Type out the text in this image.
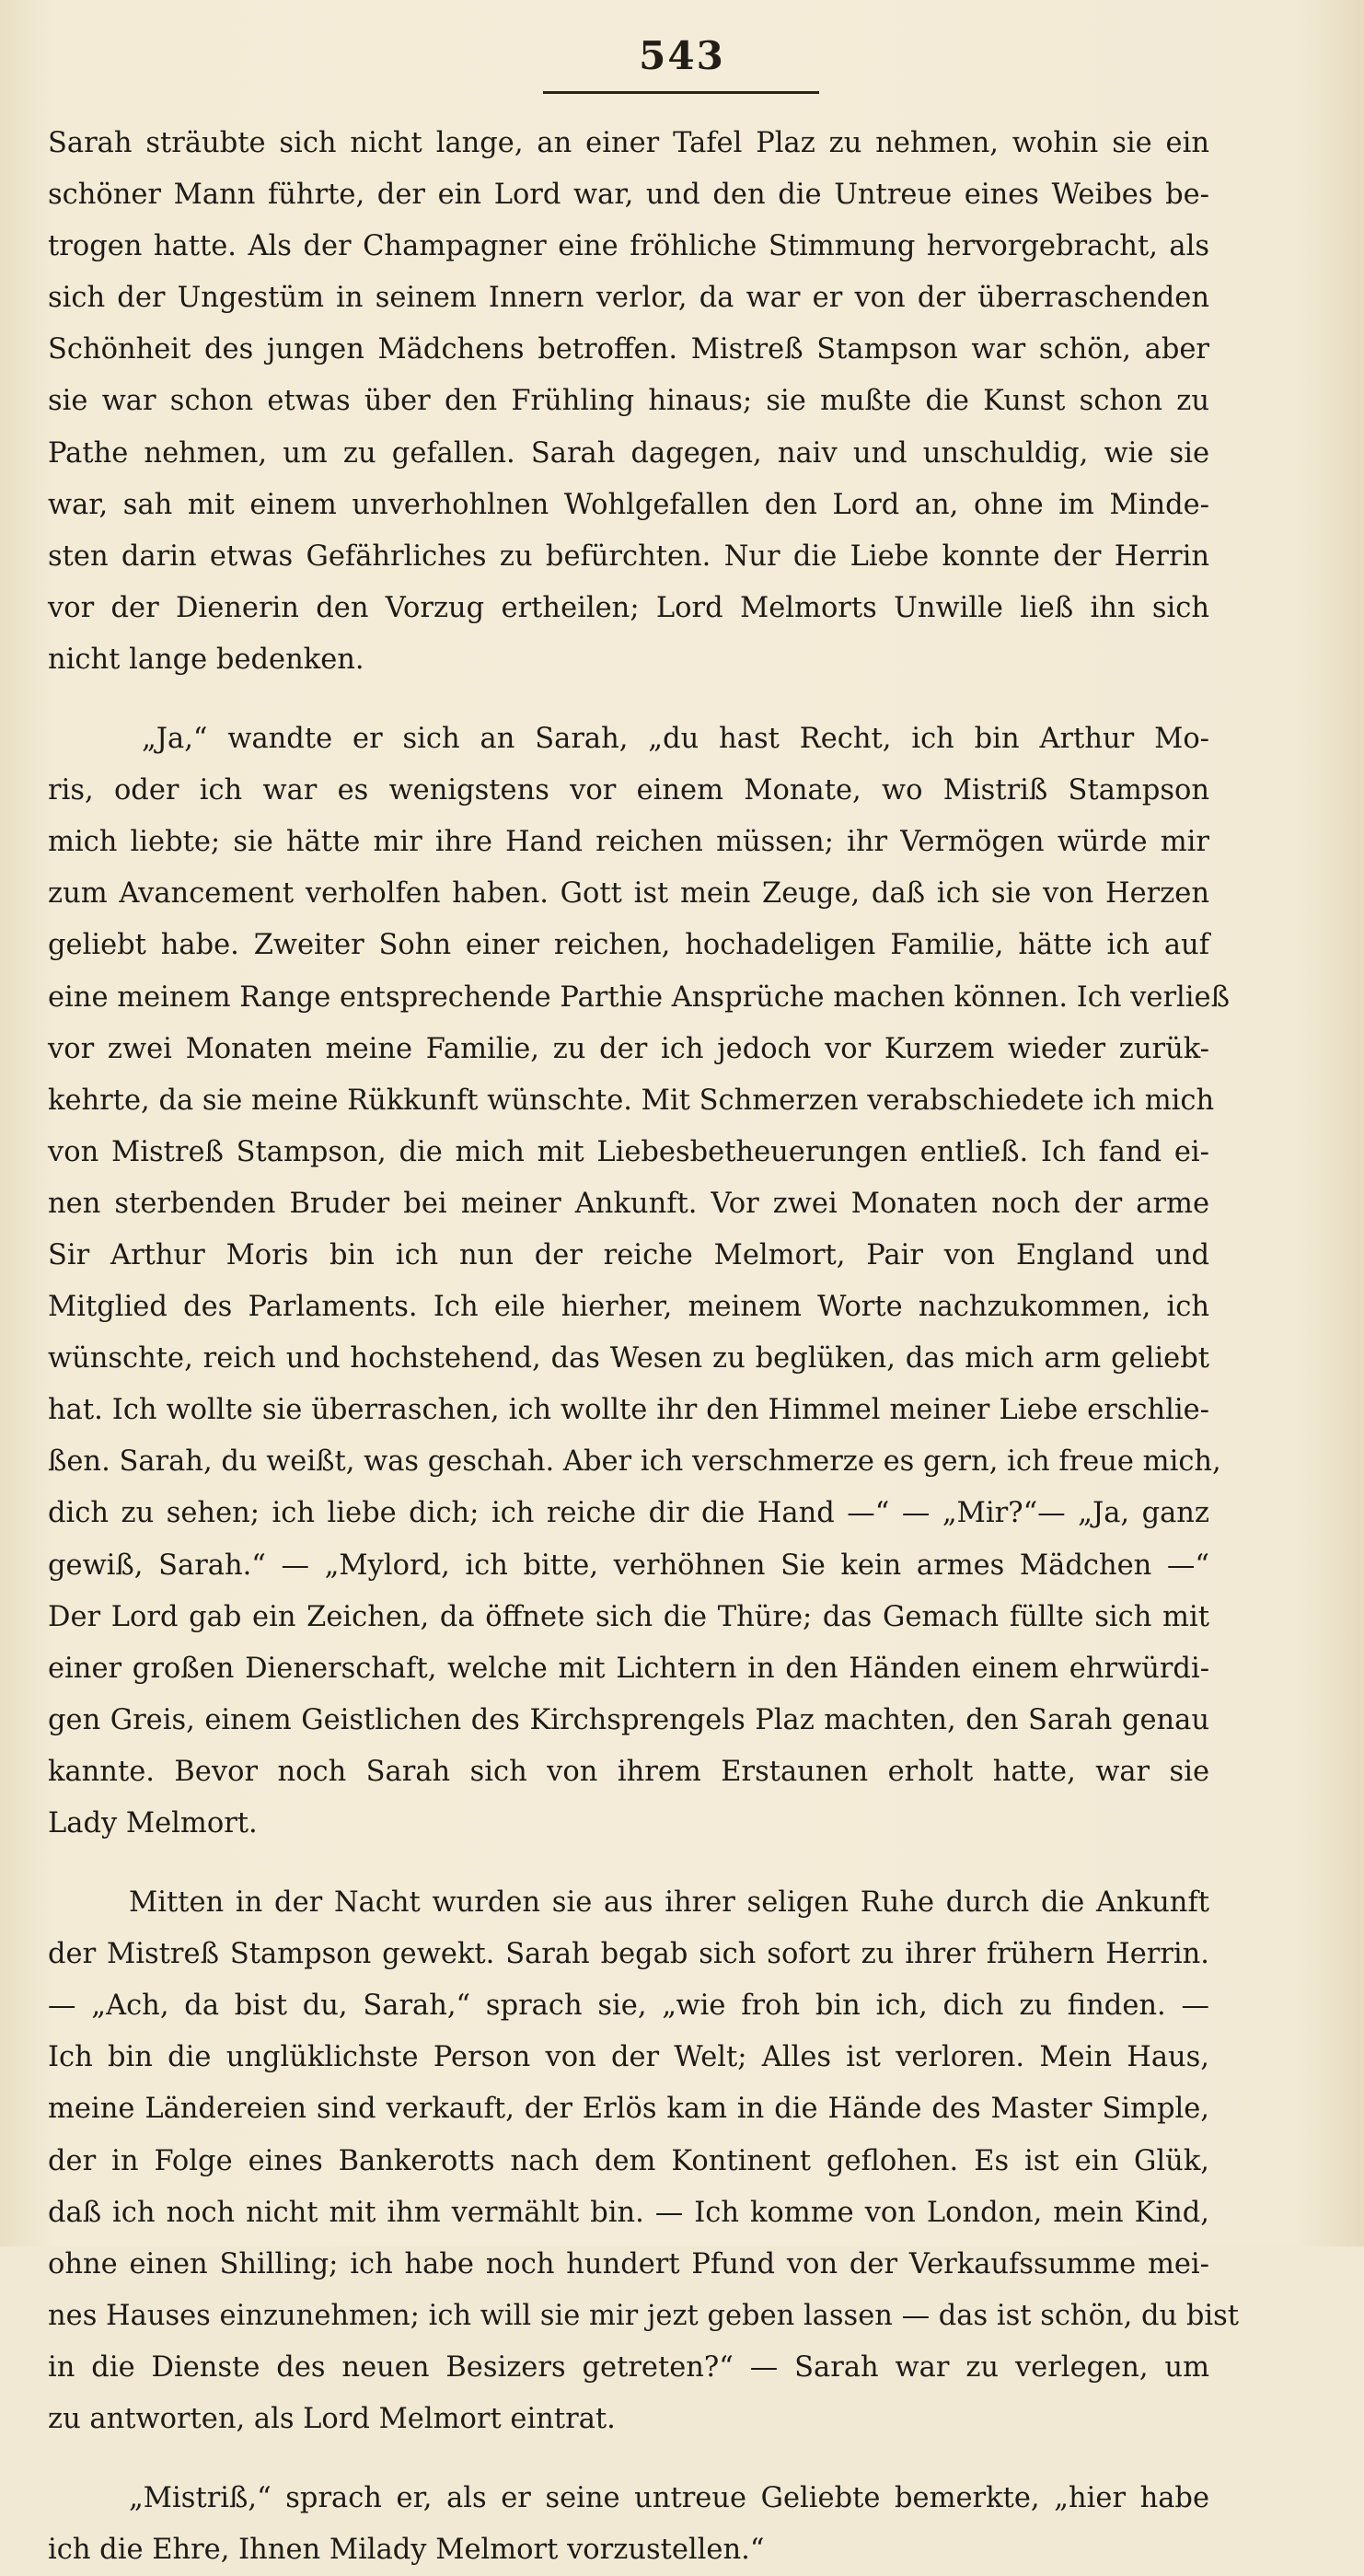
543
Sarah sträubte sich nicht lange, an einer Tafel Plaz zu nehmen, wohin sie ein
schöner Mann führte, der ein Lord war, und den die Untreue eines Weibes be-
trogen hatte. Als der Champagner eine fröhliche Stimmung hervorgebracht, als
sich der Ungestüm in seinem Innern verlor, da war er von der überraschenden
Schönheit des jungen Mädchens betroffen. Mistreß Stampson war schön, aber
sie war schon etwas über den Frühling hinaus; sie mußte die Kunst schon zu
Pathe nehmen, um zu gefallen. Sarah dagegen, naiv und unschuldig, wie sie
war, sah mit einem unverhohlnen Wohlgefallen den Lord an, ohne im Minde-
sten darin etwas Gefährliches zu befürchten. Nur die Liebe konnte der Herrin
vor der Dienerin den Vorzug ertheilen; Lord Melmorts Unwille ließ ihn sich
nicht lange bedenken.
„Ja,“ wandte er sich an Sarah, „du hast Recht, ich bin Arthur Mo-
ris, oder ich war es wenigstens vor einem Monate, wo Mistriß Stampson
mich liebte; sie hätte mir ihre Hand reichen müssen; ihr Vermögen würde mir
zum Avancement verholfen haben. Gott ist mein Zeuge, daß ich sie von Herzen
geliebt habe. Zweiter Sohn einer reichen, hochadeligen Familie, hätte ich auf
eine meinem Range entsprechende Parthie Ansprüche machen können. Ich verließ
vor zwei Monaten meine Familie, zu der ich jedoch vor Kurzem wieder zurük-
kehrte, da sie meine Rükkunft wünschte. Mit Schmerzen verabschiedete ich mich
von Mistreß Stampson, die mich mit Liebesbetheuerungen entließ. Ich fand ei-
nen sterbenden Bruder bei meiner Ankunft. Vor zwei Monaten noch der arme
Sir Arthur Moris bin ich nun der reiche Melmort, Pair von England und
Mitglied des Parlaments. Ich eile hierher, meinem Worte nachzukommen, ich
wünschte, reich und hochstehend, das Wesen zu beglüken, das mich arm geliebt
hat. Ich wollte sie überraschen, ich wollte ihr den Himmel meiner Liebe erschlie-
ßen. Sarah, du weißt, was geschah. Aber ich verschmerze es gern, ich freue mich,
dich zu sehen; ich liebe dich; ich reiche dir die Hand —“ — „Mir?“— „Ja, ganz
gewiß, Sarah.“ — „Mylord, ich bitte, verhöhnen Sie kein armes Mädchen —“
Der Lord gab ein Zeichen, da öffnete sich die Thüre; das Gemach füllte sich mit
einer großen Dienerschaft, welche mit Lichtern in den Händen einem ehrwürdi-
gen Greis, einem Geistlichen des Kirchsprengels Plaz machten, den Sarah genau
kannte. Bevor noch Sarah sich von ihrem Erstaunen erholt hatte, war sie
Lady Melmort.
Mitten in der Nacht wurden sie aus ihrer seligen Ruhe durch die Ankunft
der Mistreß Stampson gewekt. Sarah begab sich sofort zu ihrer frühern Herrin.
— „Ach, da bist du, Sarah,“ sprach sie, „wie froh bin ich, dich zu finden. —
Ich bin die unglüklichste Person von der Welt; Alles ist verloren. Mein Haus,
meine Ländereien sind verkauft, der Erlös kam in die Hände des Master Simple,
der in Folge eines Bankerotts nach dem Kontinent geflohen. Es ist ein Glük,
daß ich noch nicht mit ihm vermählt bin. — Ich komme von London, mein Kind,
ohne einen Shilling; ich habe noch hundert Pfund von der Verkaufssumme mei-
nes Hauses einzunehmen; ich will sie mir jezt geben lassen — das ist schön, du bist
in die Dienste des neuen Besizers getreten?“ — Sarah war zu verlegen, um
zu antworten, als Lord Melmort eintrat.
„Mistriß,“ sprach er, als er seine untreue Geliebte bemerkte, „hier habe
ich die Ehre, Ihnen Milady Melmort vorzustellen.“
